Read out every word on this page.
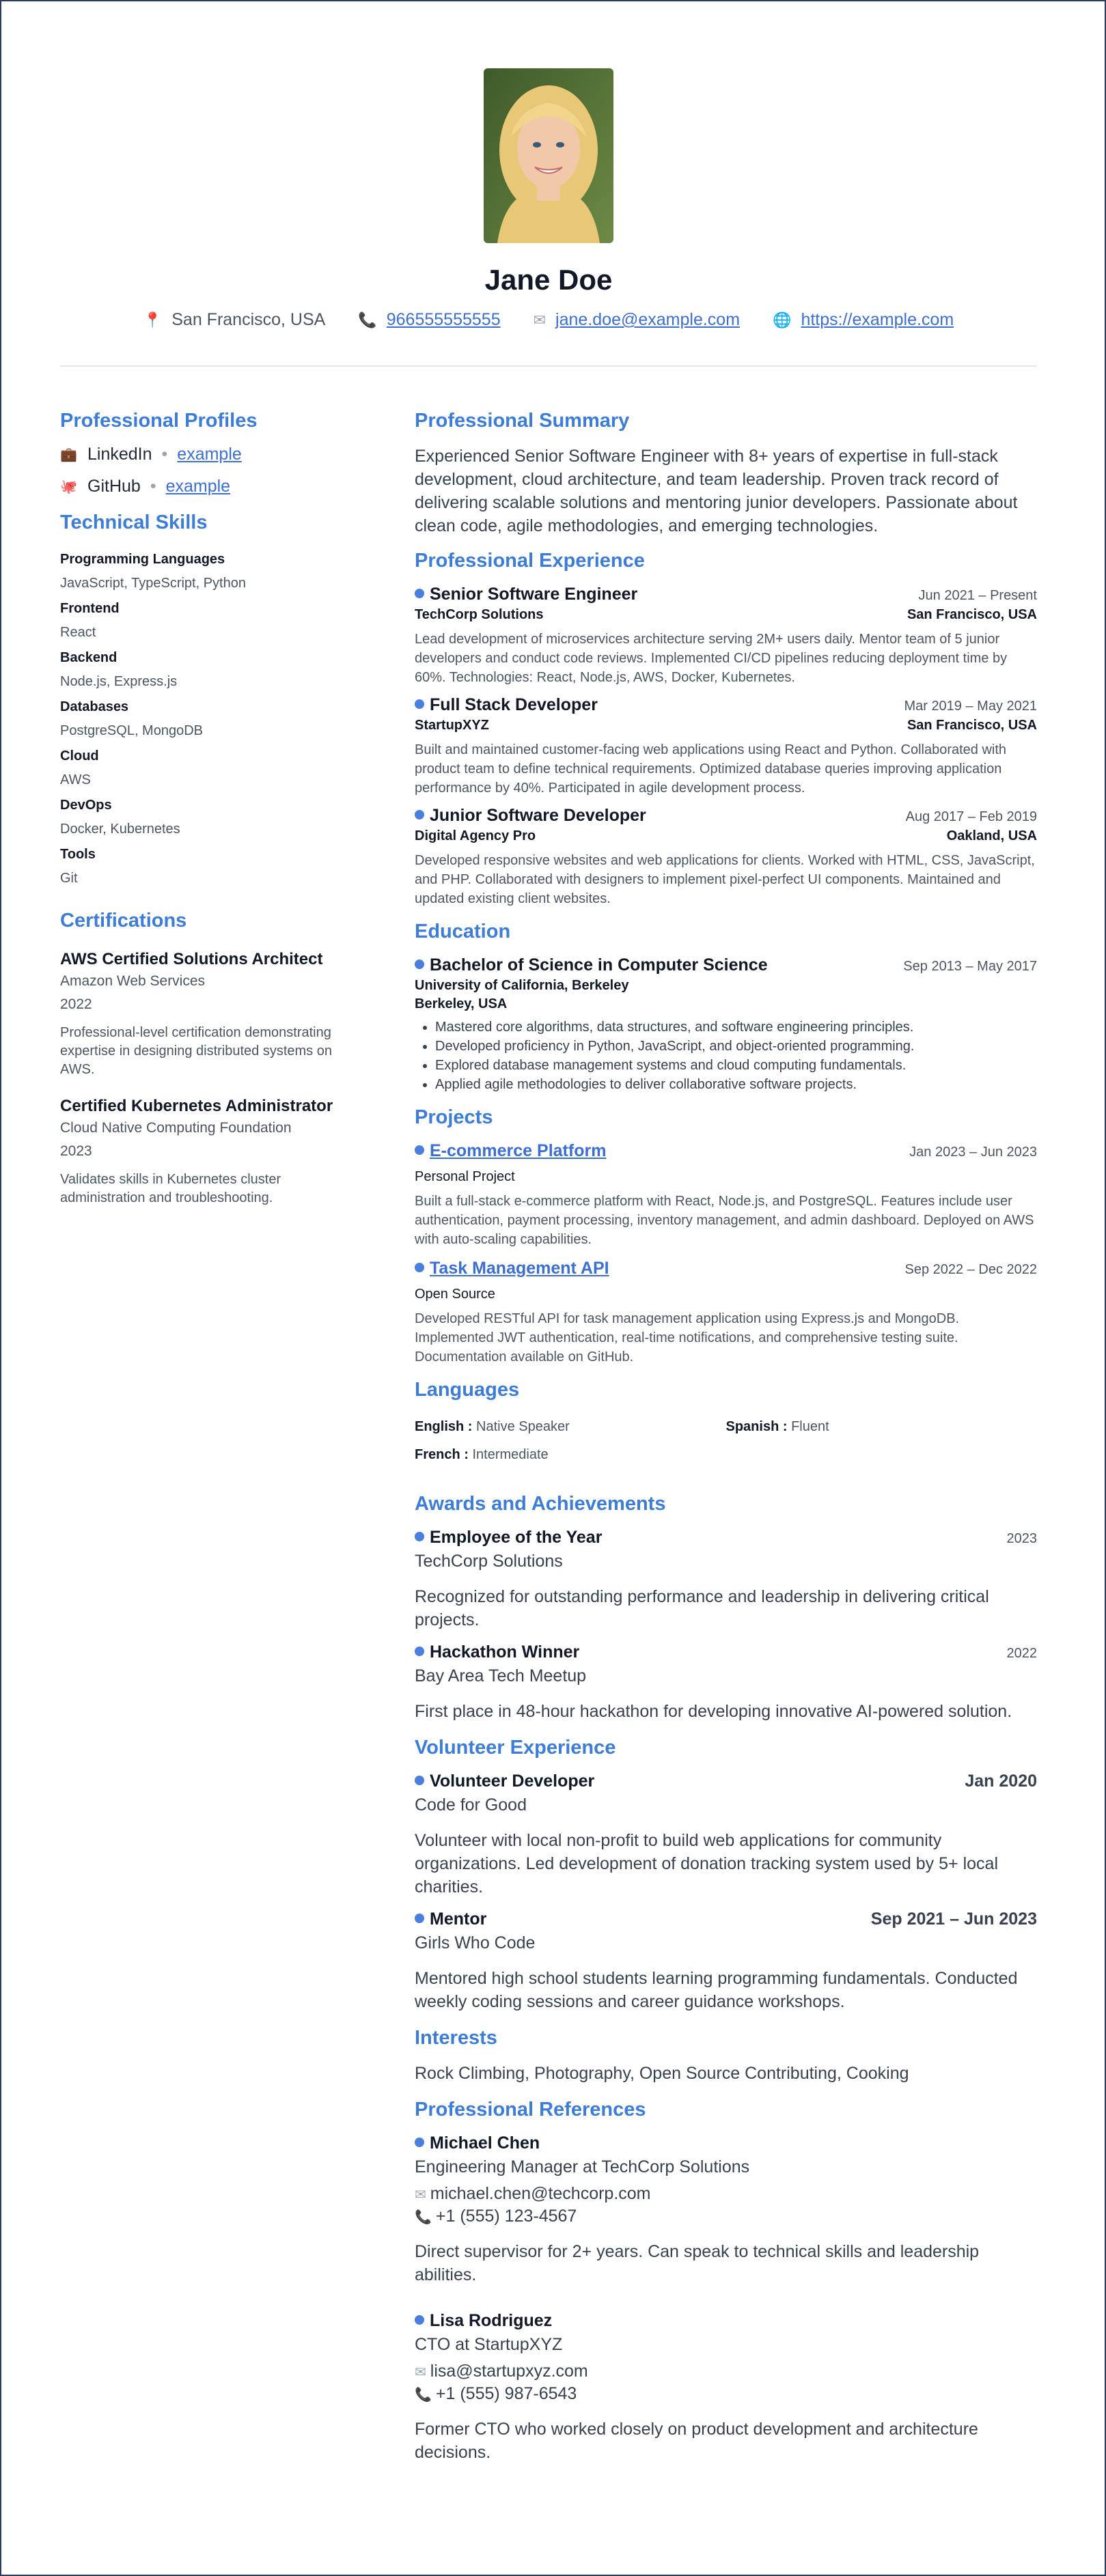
Jane Doe
📍 San Francisco, USA 📞 966555555555 ✉ jane.doe@example.com 🌐 https://example.com
Professional Profiles
💼 LinkedIn • example
🐙 GitHub • example
Technical Skills
Programming Languages
JavaScript, TypeScript, Python
Frontend
React
Backend
Node.js, Express.js
Databases
PostgreSQL, MongoDB
Cloud
AWS
DevOps
Docker, Kubernetes
Tools
Git
Certifications
AWS Certified Solutions Architect
Amazon Web Services
2022
Professional-level certification demonstrating expertise in designing distributed systems on AWS.
Certified Kubernetes Administrator
Cloud Native Computing Foundation
2023
Validates skills in Kubernetes cluster administration and troubleshooting.
Professional Summary
Experienced Senior Software Engineer with 8+ years of expertise in full-stack development, cloud architecture, and team leadership. Proven track record of delivering scalable solutions and mentoring junior developers. Passionate about clean code, agile methodologies, and emerging technologies.
Professional Experience
Senior Software Engineer	Jun 2021 – Present
TechCorp Solutions	San Francisco, USA
Lead development of microservices architecture serving 2M+ users daily. Mentor team of 5 junior developers and conduct code reviews. Implemented CI/CD pipelines reducing deployment time by 60%. Technologies: React, Node.js, AWS, Docker, Kubernetes.
Full Stack Developer	Mar 2019 – May 2021
StartupXYZ	San Francisco, USA
Built and maintained customer-facing web applications using React and Python. Collaborated with product team to define technical requirements. Optimized database queries improving application performance by 40%. Participated in agile development process.
Junior Software Developer	Aug 2017 – Feb 2019
Digital Agency Pro	Oakland, USA
Developed responsive websites and web applications for clients. Worked with HTML, CSS, JavaScript, and PHP. Collaborated with designers to implement pixel-perfect UI components. Maintained and updated existing client websites.
Education
Bachelor of Science in Computer Science	Sep 2013 – May 2017
University of California, Berkeley
Berkeley, USA
• Mastered core algorithms, data structures, and software engineering principles.
• Developed proficiency in Python, JavaScript, and object-oriented programming.
• Explored database management systems and cloud computing fundamentals.
• Applied agile methodologies to deliver collaborative software projects.
Projects
E-commerce Platform	Jan 2023 – Jun 2023
Personal Project
Built a full-stack e-commerce platform with React, Node.js, and PostgreSQL. Features include user authentication, payment processing, inventory management, and admin dashboard. Deployed on AWS with auto-scaling capabilities.
Task Management API	Sep 2022 – Dec 2022
Open Source
Developed RESTful API for task management application using Express.js and MongoDB. Implemented JWT authentication, real-time notifications, and comprehensive testing suite. Documentation available on GitHub.
Languages
English : Native Speaker	Spanish : Fluent
French : Intermediate
Awards and Achievements
Employee of the Year	2023
TechCorp Solutions
Recognized for outstanding performance and leadership in delivering critical projects.
Hackathon Winner	2022
Bay Area Tech Meetup
First place in 48-hour hackathon for developing innovative AI-powered solution.
Volunteer Experience
Volunteer Developer	Jan 2020
Code for Good
Volunteer with local non-profit to build web applications for community organizations. Led development of donation tracking system used by 5+ local charities.
Mentor	Sep 2021 – Jun 2023
Girls Who Code
Mentored high school students learning programming fundamentals. Conducted weekly coding sessions and career guidance workshops.
Interests
Rock Climbing, Photography, Open Source Contributing, Cooking
Professional References
Michael Chen
Engineering Manager at TechCorp Solutions
✉ michael.chen@techcorp.com
📞 +1 (555) 123-4567
Direct supervisor for 2+ years. Can speak to technical skills and leadership abilities.
Lisa Rodriguez
CTO at StartupXYZ
✉ lisa@startupxyz.com
📞 +1 (555) 987-6543
Former CTO who worked closely on product development and architecture decisions.
